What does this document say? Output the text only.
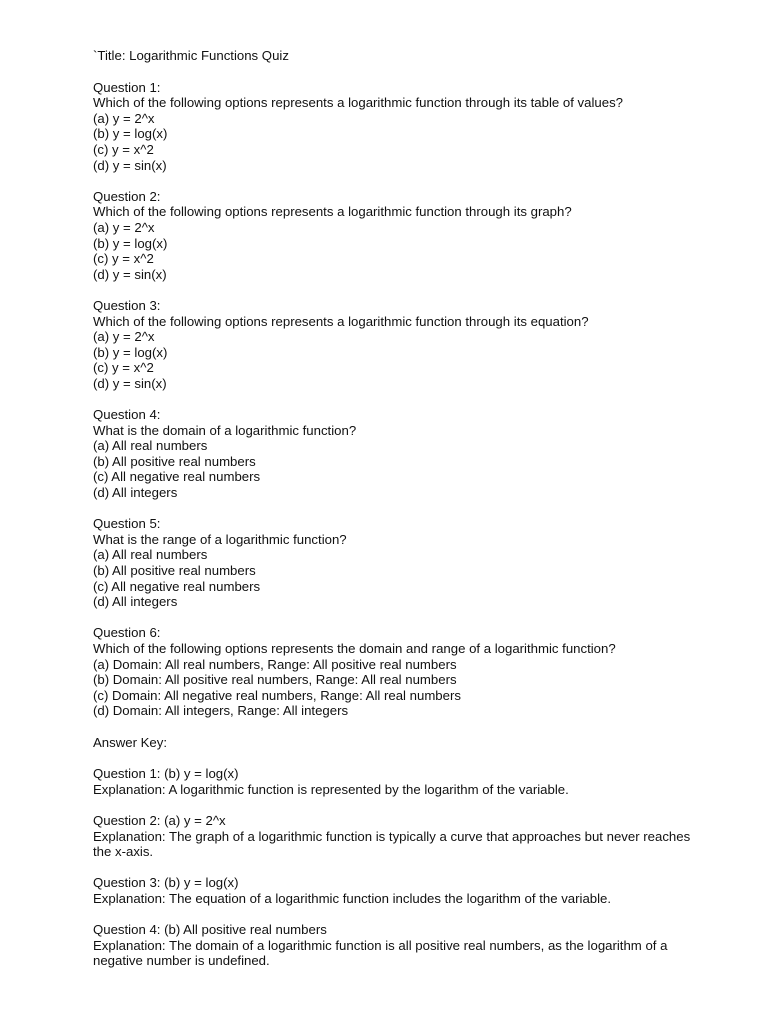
`Title: Logarithmic Functions Quiz
Question 1:
Which of the following options represents a logarithmic function through its table of values?
(a) y = 2^x
(b) y = log(x)
(c) y = x^2
(d) y = sin(x)
Question 2:
Which of the following options represents a logarithmic function through its graph?
(a) y = 2^x
(b) y = log(x)
(c) y = x^2
(d) y = sin(x)
Question 3:
Which of the following options represents a logarithmic function through its equation?
(a) y = 2^x
(b) y = log(x)
(c) y = x^2
(d) y = sin(x)
Question 4:
What is the domain of a logarithmic function?
(a) All real numbers
(b) All positive real numbers
(c) All negative real numbers
(d) All integers
Question 5:
What is the range of a logarithmic function?
(a) All real numbers
(b) All positive real numbers
(c) All negative real numbers
(d) All integers
Question 6:
Which of the following options represents the domain and range of a logarithmic function?
(a) Domain: All real numbers, Range: All positive real numbers
(b) Domain: All positive real numbers, Range: All real numbers
(c) Domain: All negative real numbers, Range: All real numbers
(d) Domain: All integers, Range: All integers
Answer Key:
Question 1: (b) y = log(x)
Explanation: A logarithmic function is represented by the logarithm of the variable.
Question 2: (a) y = 2^x
Explanation: The graph of a logarithmic function is typically a curve that approaches but never reaches the x-axis.
Question 3: (b) y = log(x)
Explanation: The equation of a logarithmic function includes the logarithm of the variable.
Question 4: (b) All positive real numbers
Explanation: The domain of a logarithmic function is all positive real numbers, as the logarithm of a negative number is undefined.
